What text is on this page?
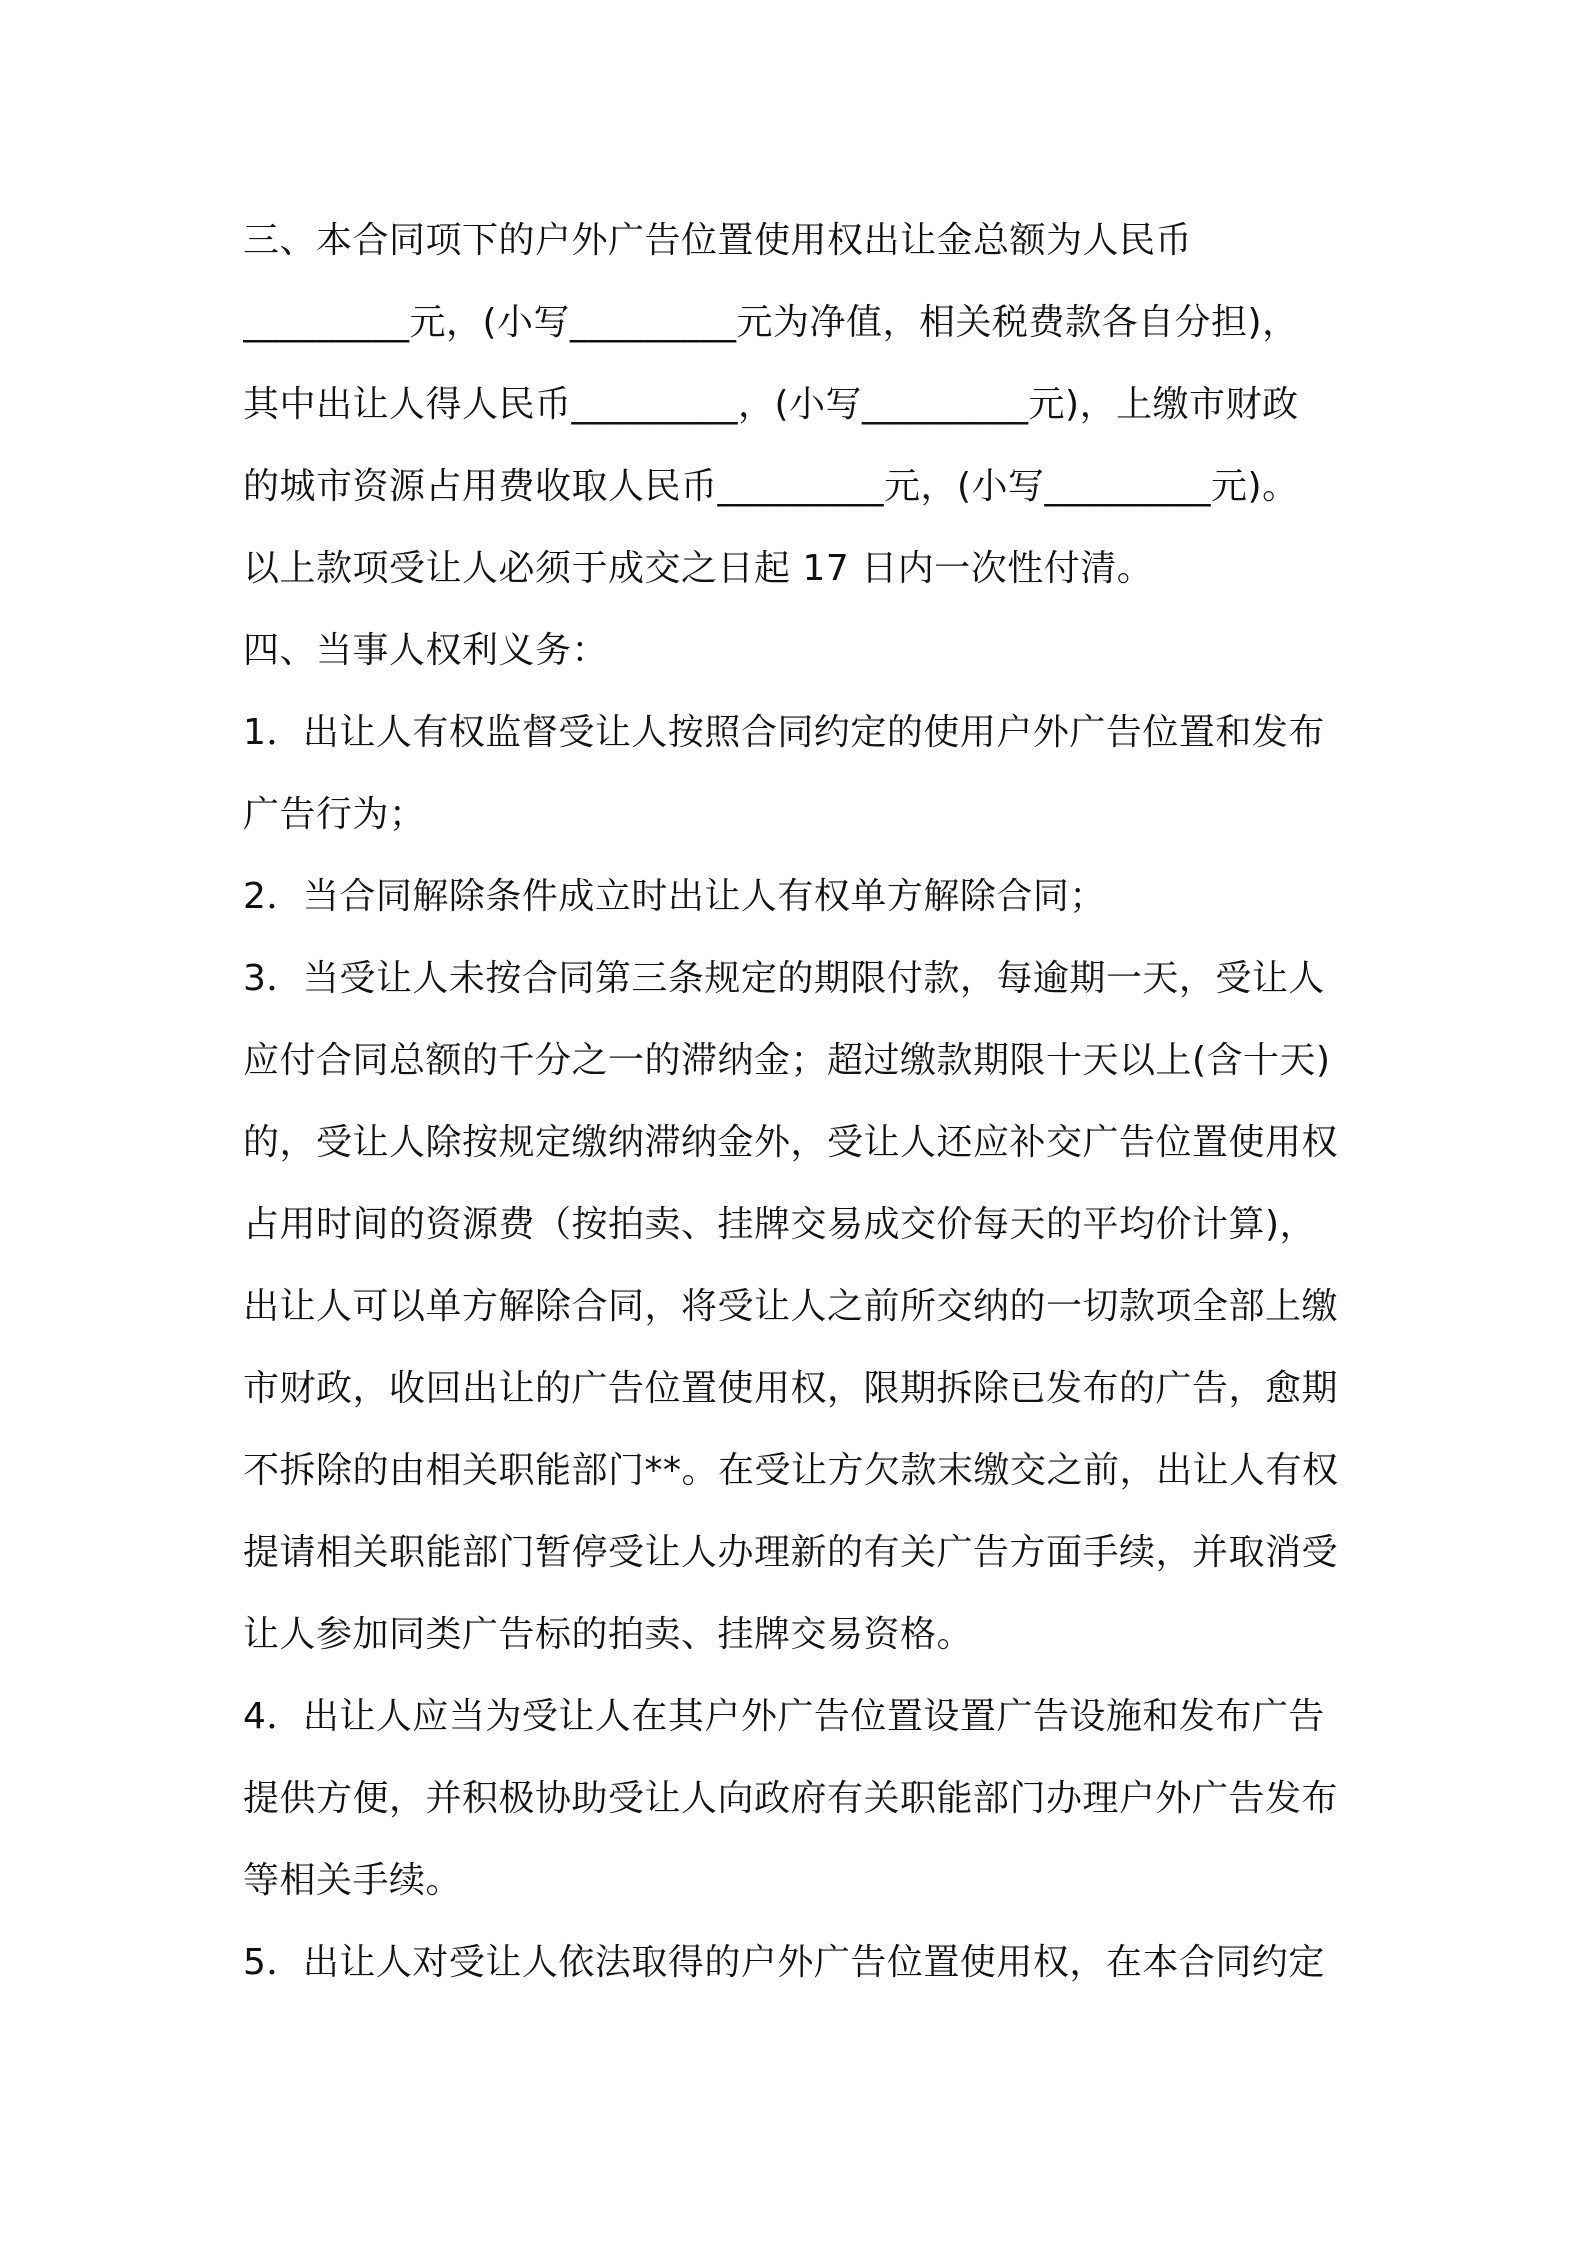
三、本合同项下的户外广告位置使用权出让金总额为人民币
_________元，(小写_________元为净值，相关税费款各自分担)，
其中出让人得人民币_________，(小写_________元)，上缴市财政
的城市资源占用费收取人民币_________元，(小写_________元)。
以上款项受让人必须于成交之日起 17 日内一次性付清。
四、当事人权利义务：
1．出让人有权监督受让人按照合同约定的使用户外广告位置和发布
广告行为；
2．当合同解除条件成立时出让人有权单方解除合同；
3．当受让人未按合同第三条规定的期限付款，每逾期一天，受让人
应付合同总额的千分之一的滞纳金；超过缴款期限十天以上(含十天)
的，受让人除按规定缴纳滞纳金外，受让人还应补交广告位置使用权
占用时间的资源费（按拍卖、挂牌交易成交价每天的平均价计算)，
出让人可以单方解除合同，将受让人之前所交纳的一切款项全部上缴
市财政，收回出让的广告位置使用权，限期拆除已发布的广告，愈期
不拆除的由相关职能部门**。在受让方欠款末缴交之前，出让人有权
提请相关职能部门暂停受让人办理新的有关广告方面手续，并取消受
让人参加同类广告标的拍卖、挂牌交易资格。
4．出让人应当为受让人在其户外广告位置设置广告设施和发布广告
提供方便，并积极协助受让人向政府有关职能部门办理户外广告发布
等相关手续。
5．出让人对受让人依法取得的户外广告位置使用权，在本合同约定
